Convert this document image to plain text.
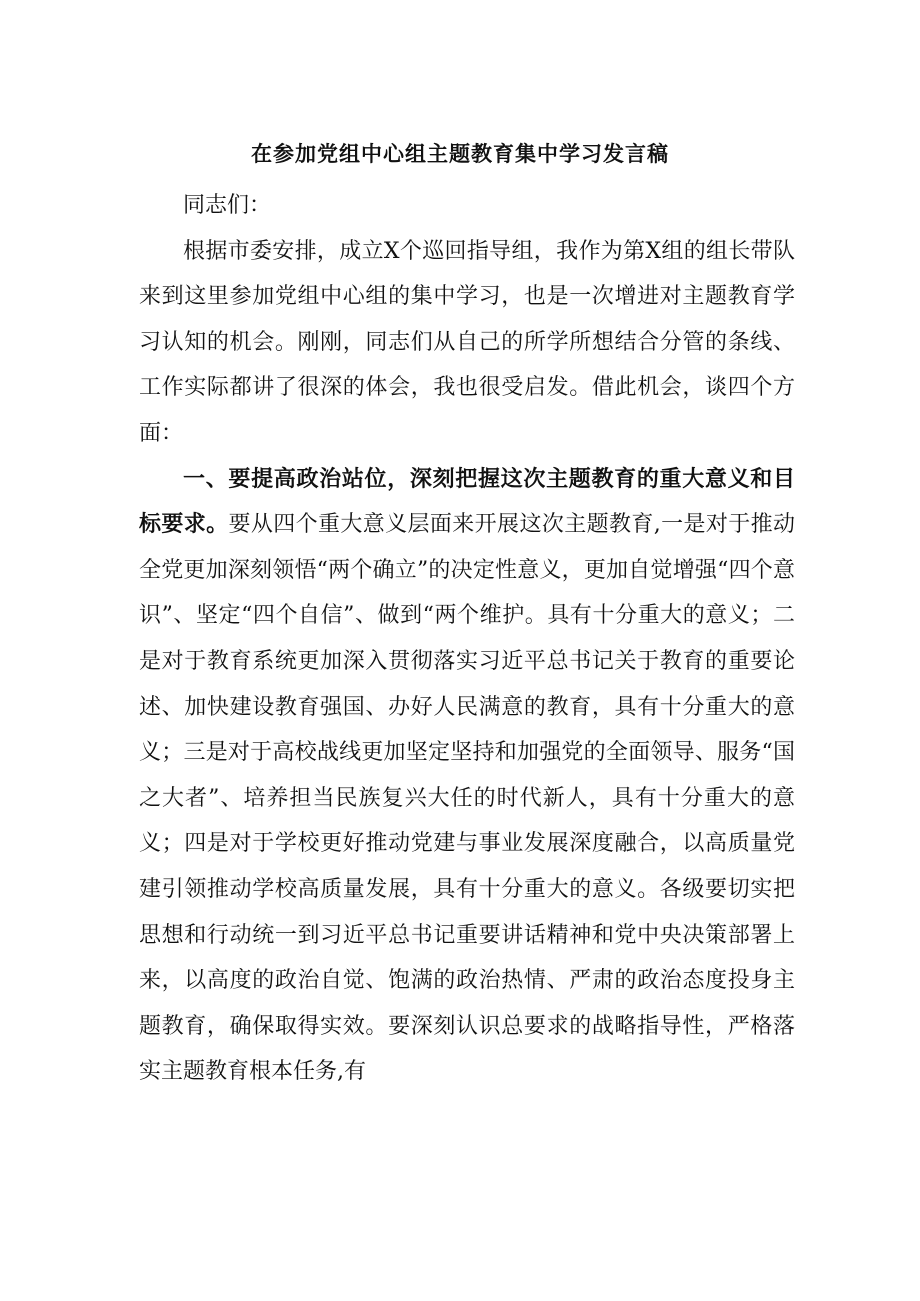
在参加党组中心组主题教育集中学习发言稿

同志们：

根据市委安排，成立X个巡回指导组，我作为第X组的组长带队来到这里参加党组中心组的集中学习，也是一次增进对主题教育学习认知的机会。刚刚，同志们从自己的所学所想结合分管的条线、工作实际都讲了很深的体会，我也很受启发。借此机会，谈四个方面：

一、要提高政治站位，深刻把握这次主题教育的重大意义和目标要求。要从四个重大意义层面来开展这次主题教育,一是对于推动全党更加深刻领悟“两个确立”的决定性意义，更加自觉增强“四个意识”、坚定“四个自信”、做到“两个维护。具有十分重大的意义；二是对于教育系统更加深入贯彻落实习近平总书记关于教育的重要论述、加快建设教育强国、办好人民满意的教育，具有十分重大的意义；三是对于高校战线更加坚定坚持和加强党的全面领导、服务“国之大者”、培养担当民族复兴大任的时代新人，具有十分重大的意义；四是对于学校更好推动党建与事业发展深度融合，以高质量党建引领推动学校高质量发展，具有十分重大的意义。各级要切实把思想和行动统一到习近平总书记重要讲话精神和党中央决策部署上来，以高度的政治自觉、饱满的政治热情、严肃的政治态度投身主题教育，确保取得实效。要深刻认识总要求的战略指导性，严格落实主题教育根本任务,有
